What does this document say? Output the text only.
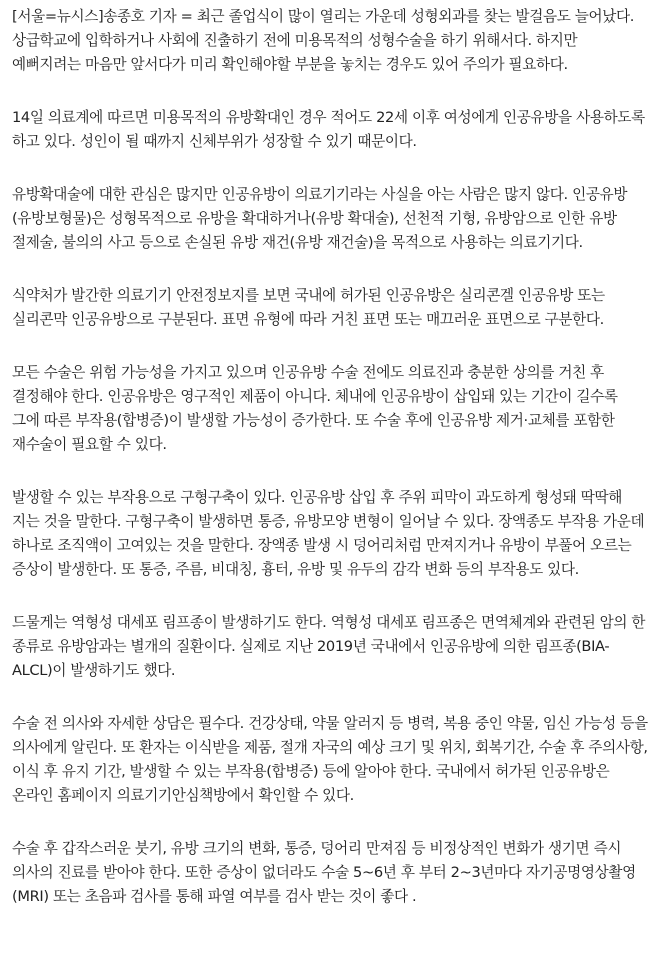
[서울=뉴시스]송종호 기자 = 최근 졸업식이 많이 열리는 가운데 성형외과를 찾는 발걸음도 늘어났다. 상급학교에 입학하거나 사회에 진출하기 전에 미용목적의 성형수술을 하기 위해서다. 하지만 예뻐지려는 마음만 앞서다가 미리 확인해야할 부분을 놓치는 경우도 있어 주의가 필요하다.

14일 의료계에 따르면 미용목적의 유방확대인 경우 적어도 22세 이후 여성에게 인공유방을 사용하도록 하고 있다. 성인이 될 때까지 신체부위가 성장할 수 있기 때문이다.

유방확대술에 대한 관심은 많지만 인공유방이 의료기기라는 사실을 아는 사람은 많지 않다. 인공유방(유방보형물)은 성형목적으로 유방을 확대하거나(유방 확대술), 선천적 기형, 유방암으로 인한 유방 절제술, 불의의 사고 등으로 손실된 유방 재건(유방 재건술)을 목적으로 사용하는 의료기기다.

식약처가 발간한 의료기기 안전정보지를 보면 국내에 허가된 인공유방은 실리콘겔 인공유방 또는 실리콘막 인공유방으로 구분된다. 표면 유형에 따라 거친 표면 또는 매끄러운 표면으로 구분한다.

모든 수술은 위험 가능성을 가지고 있으며 인공유방 수술 전에도 의료진과 충분한 상의를 거친 후 결정해야 한다. 인공유방은 영구적인 제품이 아니다. 체내에 인공유방이 삽입돼 있는 기간이 길수록 그에 따른 부작용(합병증)이 발생할 가능성이 증가한다. 또 수술 후에 인공유방 제거·교체를 포함한 재수술이 필요할 수 있다.

발생할 수 있는 부작용으로 구형구축이 있다. 인공유방 삽입 후 주위 피막이 과도하게 형성돼 딱딱해 지는 것을 말한다. 구형구축이 발생하면 통증, 유방모양 변형이 일어날 수 있다. 장액종도 부작용 가운데 하나로 조직액이 고여있는 것을 말한다. 장액종 발생 시 덩어리처럼 만져지거나 유방이 부풀어 오르는 증상이 발생한다. 또 통증, 주름, 비대칭, 흉터, 유방 및 유두의 감각 변화 등의 부작용도 있다.

드물게는 역형성 대세포 림프종이 발생하기도 한다. 역형성 대세포 림프종은 면역체계와 관련된 암의 한 종류로 유방암과는 별개의 질환이다. 실제로 지난 2019년 국내에서 인공유방에 의한 림프종(BIA-ALCL)이 발생하기도 했다.

수술 전 의사와 자세한 상담은 필수다. 건강상태, 약물 알러지 등 병력, 복용 중인 약물, 임신 가능성 등을 의사에게 알린다. 또 환자는 이식받을 제품, 절개 자국의 예상 크기 및 위치, 회복기간, 수술 후 주의사항, 이식 후 유지 기간, 발생할 수 있는 부작용(합병증) 등에 알아야 한다. 국내에서 허가된 인공유방은 온라인 홈페이지 의료기기안심책방에서 확인할 수 있다.

수술 후 갑작스러운 붓기, 유방 크기의 변화, 통증, 덩어리 만져짐 등 비정상적인 변화가 생기면 즉시 의사의 진료를 받아야 한다. 또한 증상이 없더라도 수술 5~6년 후 부터 2~3년마다 자기공명영상촬영(MRI) 또는 초음파 검사를 통해 파열 여부를 검사 받는 것이 좋다 .
